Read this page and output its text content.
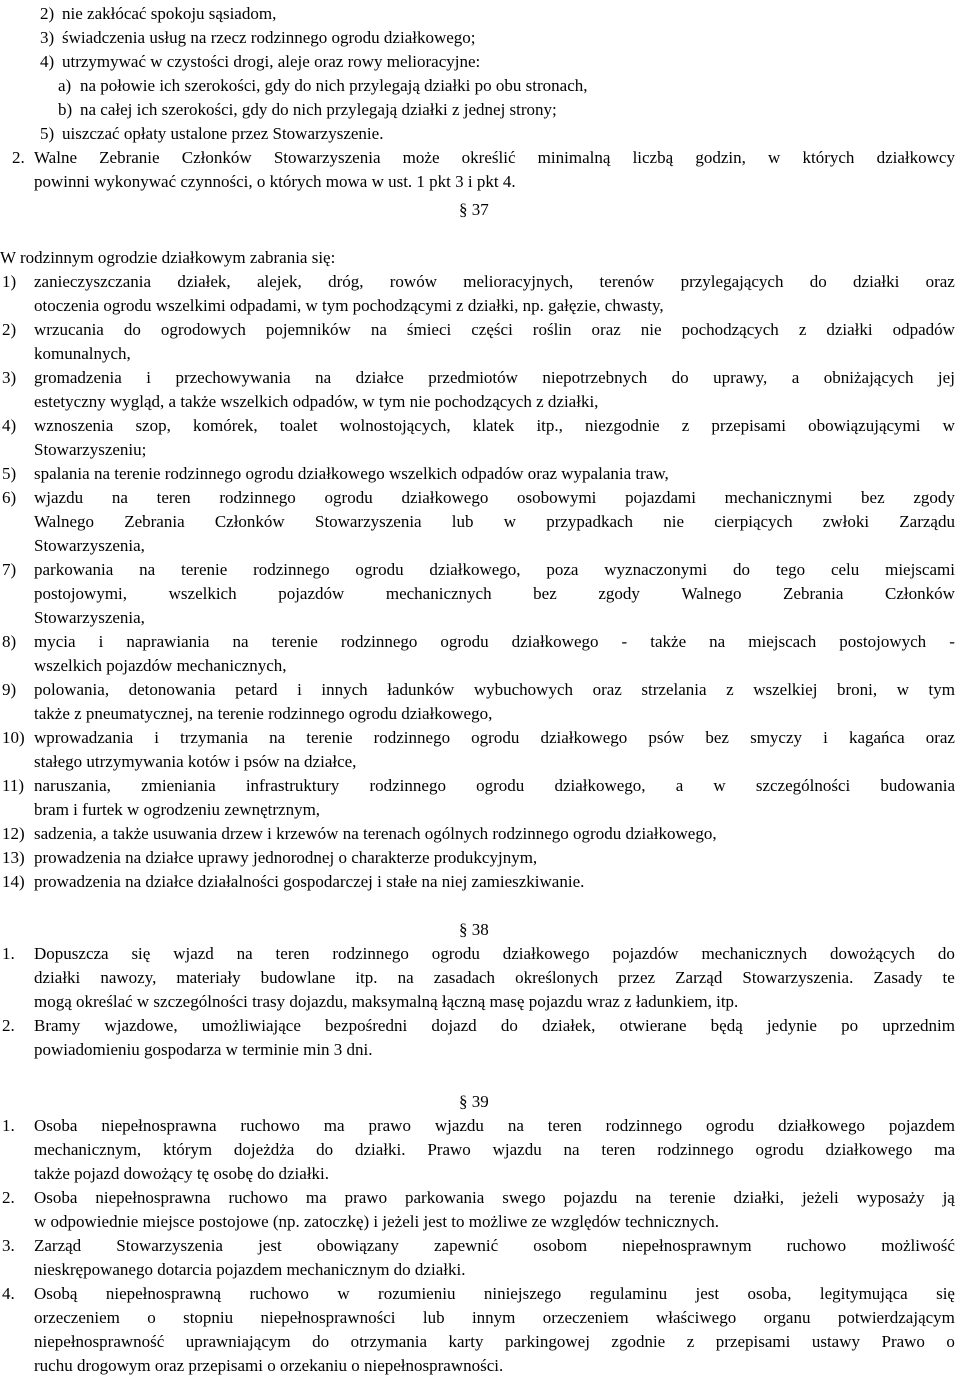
2) nie zakłócać spokoju sąsiadom,
3) świadczenia usług na rzecz rodzinnego ogrodu działkowego;
4) utrzymywać w czystości drogi, aleje oraz rowy melioracyjne:
a) na połowie ich szerokości, gdy do nich przylegają działki po obu stronach,
b) na całej ich szerokości, gdy do nich przylegają działki z jednej strony;
5) uiszczać opłaty ustalone przez Stowarzyszenie.
2. Walne Zebranie Członków Stowarzyszenia może określić minimalną liczbą godzin, w których działkowcy
powinni wykonywać czynności, o których mowa w ust. 1 pkt 3 i pkt 4.
§ 37
W rodzinnym ogrodzie działkowym zabrania się:
1) zanieczyszczania działek, alejek, dróg, rowów melioracyjnych, terenów przylegających do działki oraz
otoczenia ogrodu wszelkimi odpadami, w tym pochodzącymi z działki, np. gałęzie, chwasty,
2) wrzucania do ogrodowych pojemników na śmieci części roślin oraz nie pochodzących z działki odpadów
komunalnych,
3) gromadzenia i przechowywania na działce przedmiotów niepotrzebnych do uprawy, a obniżających jej
estetyczny wygląd, a także wszelkich odpadów, w tym nie pochodzących z działki,
4) wznoszenia szop, komórek, toalet wolnostojących, klatek itp., niezgodnie z przepisami obowiązującymi w
Stowarzyszeniu;
5) spalania na terenie rodzinnego ogrodu działkowego wszelkich odpadów oraz wypalania traw,
6) wjazdu na teren rodzinnego ogrodu działkowego osobowymi pojazdami mechanicznymi bez zgody
Walnego Zebrania Członków Stowarzyszenia lub w przypadkach nie cierpiących zwłoki Zarządu
Stowarzyszenia,
7) parkowania na terenie rodzinnego ogrodu działkowego, poza wyznaczonymi do tego celu miejscami
postojowymi, wszelkich pojazdów mechanicznych bez zgody Walnego Zebrania Członków
Stowarzyszenia,
8) mycia i naprawiania na terenie rodzinnego ogrodu działkowego - także na miejscach postojowych -
wszelkich pojazdów mechanicznych,
9) polowania, detonowania petard i innych ładunków wybuchowych oraz strzelania z wszelkiej broni, w tym
także z pneumatycznej, na terenie rodzinnego ogrodu działkowego,
10) wprowadzania i trzymania na terenie rodzinnego ogrodu działkowego psów bez smyczy i kagańca oraz
stałego utrzymywania kotów i psów na działce,
11) naruszania, zmieniania infrastruktury rodzinnego ogrodu działkowego, a w szczególności budowania
bram i furtek w ogrodzeniu zewnętrznym,
12) sadzenia, a także usuwania drzew i krzewów na terenach ogólnych rodzinnego ogrodu działkowego,
13) prowadzenia na działce uprawy jednorodnej o charakterze produkcyjnym,
14) prowadzenia na działce działalności gospodarczej i stałe na niej zamieszkiwanie.
§ 38
1. Dopuszcza się wjazd na teren rodzinnego ogrodu działkowego pojazdów mechanicznych dowożących do
działki nawozy, materiały budowlane itp. na zasadach określonych przez Zarząd Stowarzyszenia. Zasady te
mogą określać w szczególności trasy dojazdu, maksymalną łączną masę pojazdu wraz z ładunkiem, itp.
2. Bramy wjazdowe, umożliwiające bezpośredni dojazd do działek, otwierane będą jedynie po uprzednim
powiadomieniu gospodarza w terminie min 3 dni.
§ 39
1. Osoba niepełnosprawna ruchowo ma prawo wjazdu na teren rodzinnego ogrodu działkowego pojazdem
mechanicznym, którym dojeżdża do działki. Prawo wjazdu na teren rodzinnego ogrodu działkowego ma
także pojazd dowożący tę osobę do działki.
2. Osoba niepełnosprawna ruchowo ma prawo parkowania swego pojazdu na terenie działki, jeżeli wyposaży ją
w odpowiednie miejsce postojowe (np. zatoczkę) i jeżeli jest to możliwe ze względów technicznych.
3. Zarząd Stowarzyszenia jest obowiązany zapewnić osobom niepełnosprawnym ruchowo możliwość
nieskrępowanego dotarcia pojazdem mechanicznym do działki.
4. Osobą niepełnosprawną ruchowo w rozumieniu niniejszego regulaminu jest osoba, legitymująca się
orzeczeniem o stopniu niepełnosprawności lub innym orzeczeniem właściwego organu potwierdzającym
niepełnosprawność uprawniającym do otrzymania karty parkingowej zgodnie z przepisami ustawy Prawo o
ruchu drogowym oraz przepisami o orzekaniu o niepełnosprawności.
